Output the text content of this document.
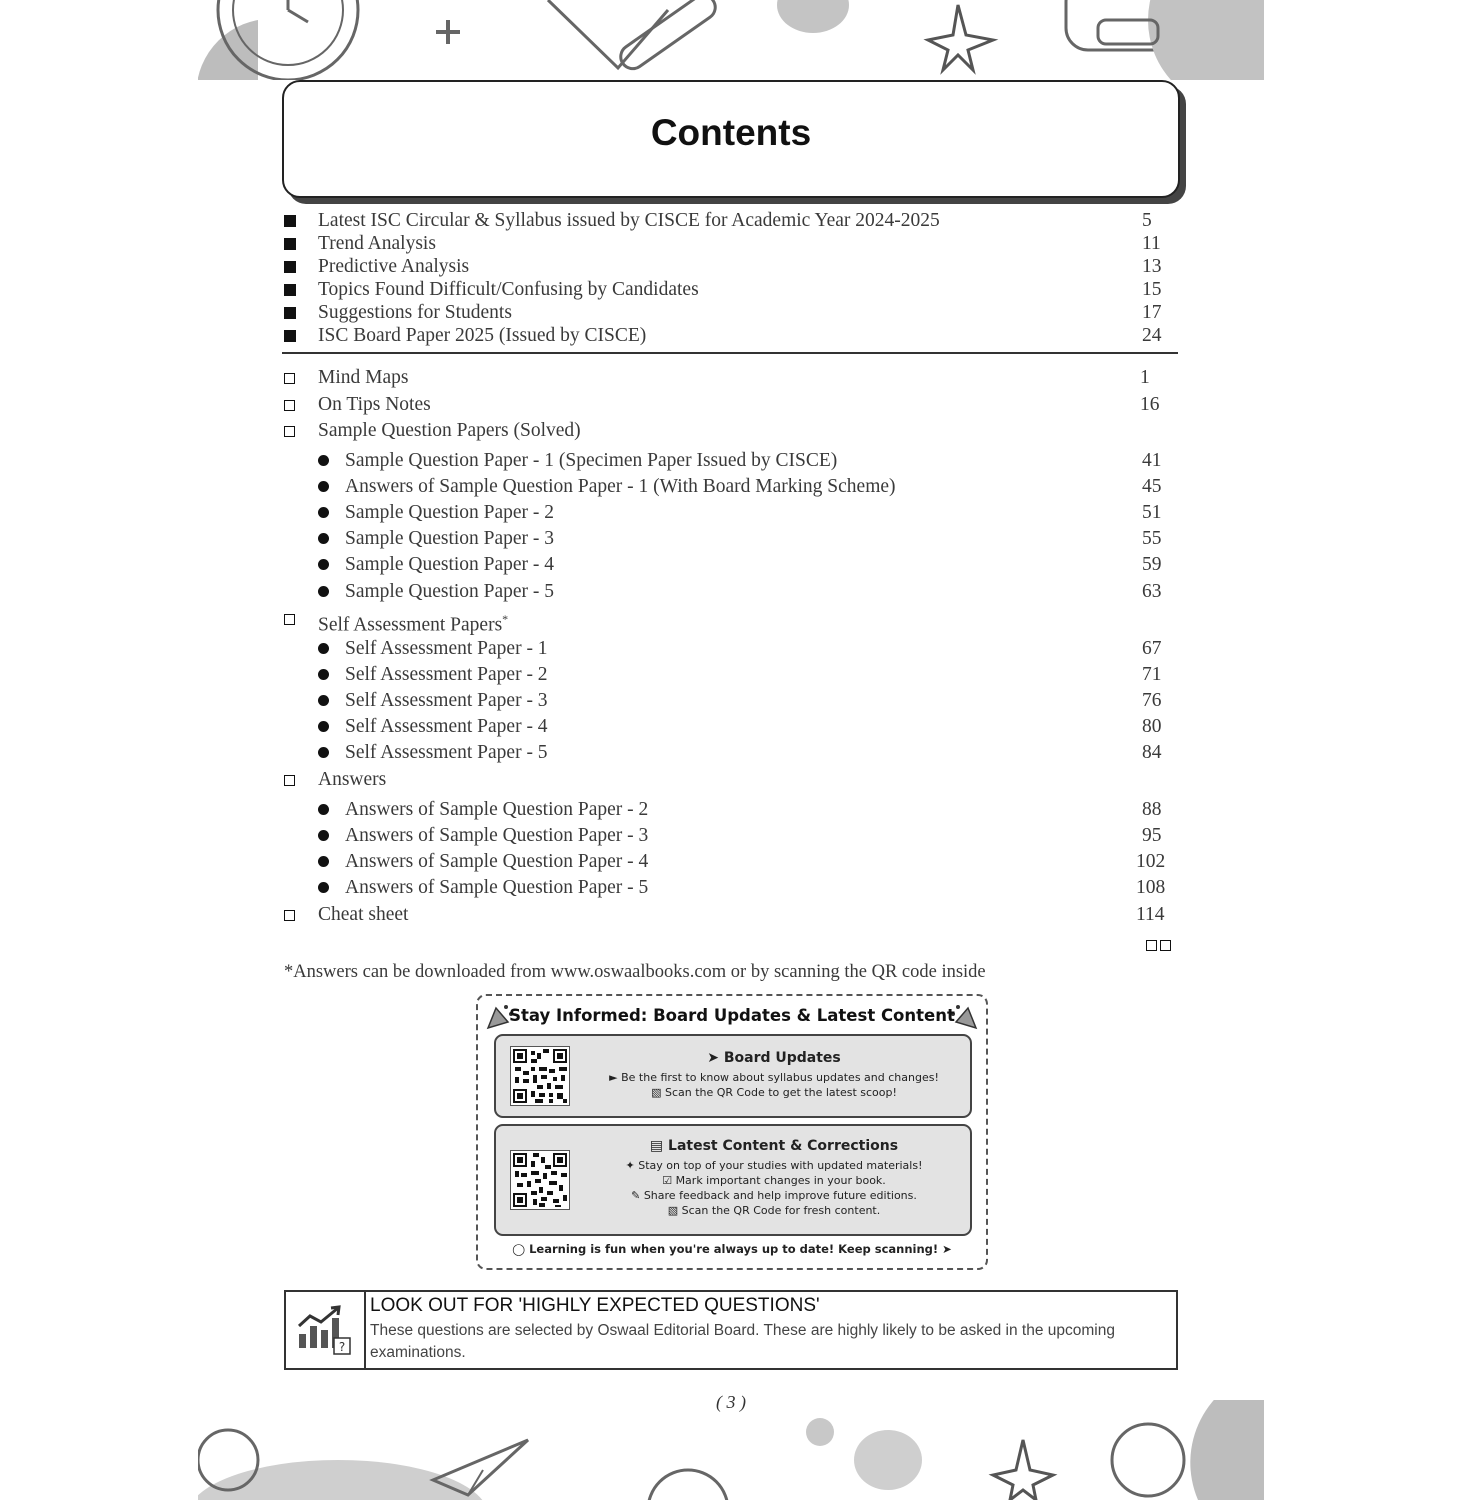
Contents
Latest ISC Circular & Syllabus issued by CISCE for Academic Year 2024-2025	5
Trend Analysis	11
Predictive Analysis	13
Topics Found Difficult/Confusing by Candidates	15
Suggestions for Students	17
ISC Board Paper 2025 (Issued by CISCE)	24
Mind Maps	1
On Tips Notes	16
Sample Question Papers (Solved)
Sample Question Paper - 1 (Specimen Paper Issued by CISCE)	41
Answers of Sample Question Paper - 1 (With Board Marking Scheme)	45
Sample Question Paper - 2	51
Sample Question Paper - 3	55
Sample Question Paper - 4	59
Sample Question Paper - 5	63
Self Assessment Papers*
Self Assessment Paper - 1	67
Self Assessment Paper - 2	71
Self Assessment Paper - 3	76
Self Assessment Paper - 4	80
Self Assessment Paper - 5	84
Answers
Answers of Sample Question Paper - 2	88
Answers of Sample Question Paper - 3	95
Answers of Sample Question Paper - 4	102
Answers of Sample Question Paper - 5	108
Cheat sheet	114
*Answers can be downloaded from www.oswaalbooks.com or by scanning the QR code inside
Stay Informed: Board Updates & Latest Content
➤ Board Updates
► Be the first to know about syllabus updates and changes!
▧ Scan the QR Code to get the latest scoop!
▤ Latest Content & Corrections
✦ Stay on top of your studies with updated materials!
☑ Mark important changes in your book.
✎ Share feedback and help improve future editions.
▧ Scan the QR Code for fresh content.
◯ Learning is fun when you're always up to date! Keep scanning! ➤
?
LOOK OUT FOR 'HIGHLY EXPECTED QUESTIONS'
These questions are selected by Oswaal Editorial Board. These are highly likely to be asked in the upcoming examinations.
( 3 )
